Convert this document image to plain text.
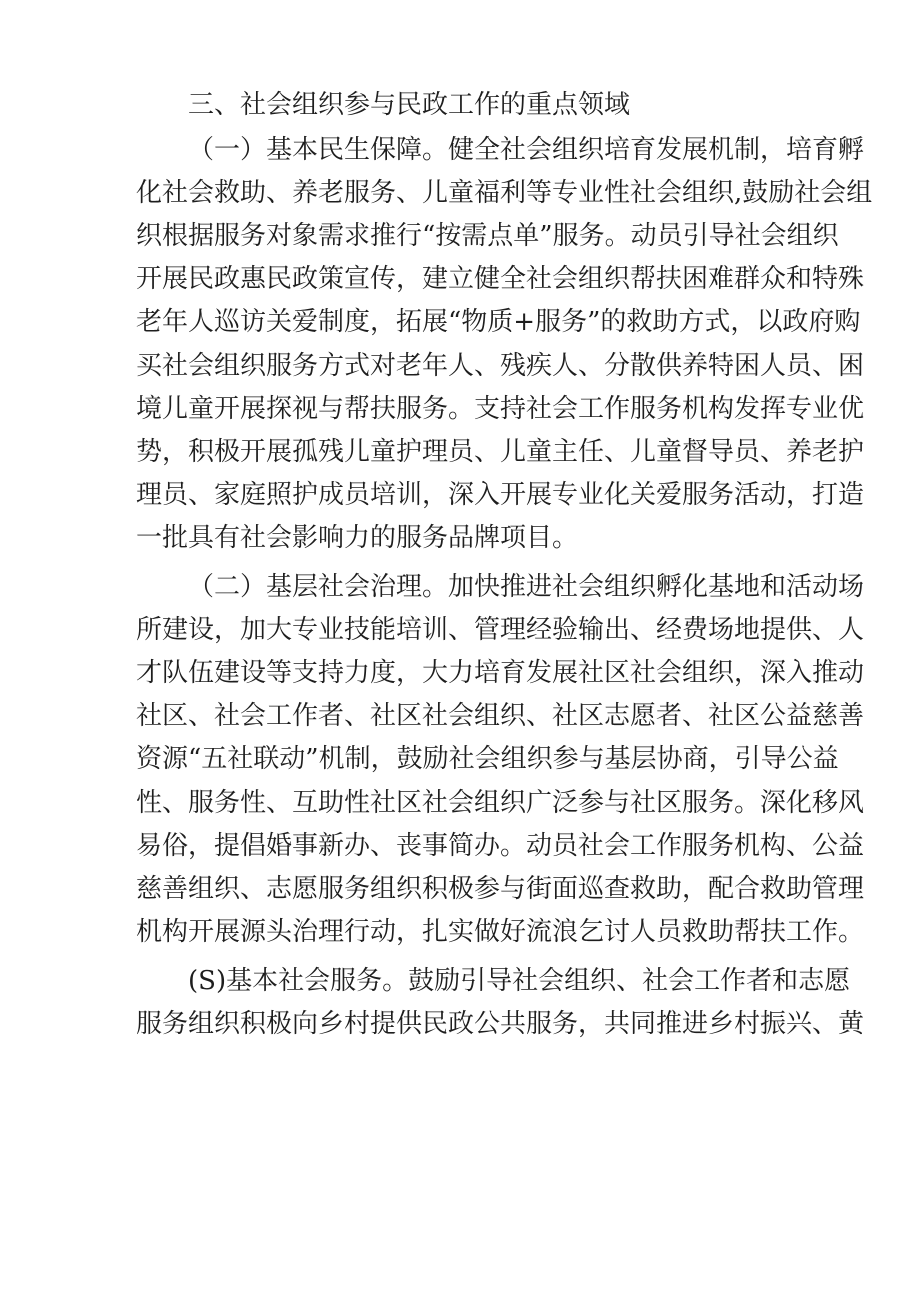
三、社会组织参与民政工作的重点领域
（一）基本民生保障。健全社会组织培育发展机制，培育孵
化社会救助、养老服务、儿童福利等专业性社会组织,鼓励社会组
织根据服务对象需求推行“按需点单”服务。动员引导社会组织
开展民政惠民政策宣传，建立健全社会组织帮扶困难群众和特殊
老年人巡访关爱制度，拓展“物质+服务”的救助方式，以政府购
买社会组织服务方式对老年人、残疾人、分散供养特困人员、困
境儿童开展探视与帮扶服务。支持社会工作服务机构发挥专业优
势，积极开展孤残儿童护理员、儿童主任、儿童督导员、养老护
理员、家庭照护成员培训，深入开展专业化关爱服务活动，打造
一批具有社会影响力的服务品牌项目。
（二）基层社会治理。加快推进社会组织孵化基地和活动场
所建设，加大专业技能培训、管理经验输出、经费场地提供、人
才队伍建设等支持力度，大力培育发展社区社会组织，深入推动
社区、社会工作者、社区社会组织、社区志愿者、社区公益慈善
资源“五社联动”机制，鼓励社会组织参与基层协商，引导公益
性、服务性、互助性社区社会组织广泛参与社区服务。深化移风
易俗，提倡婚事新办、丧事简办。动员社会工作服务机构、公益
慈善组织、志愿服务组织积极参与街面巡查救助，配合救助管理
机构开展源头治理行动，扎实做好流浪乞讨人员救助帮扶工作。
(S)基本社会服务。鼓励引导社会组织、社会工作者和志愿
服务组织积极向乡村提供民政公共服务，共同推进乡村振兴、黄
